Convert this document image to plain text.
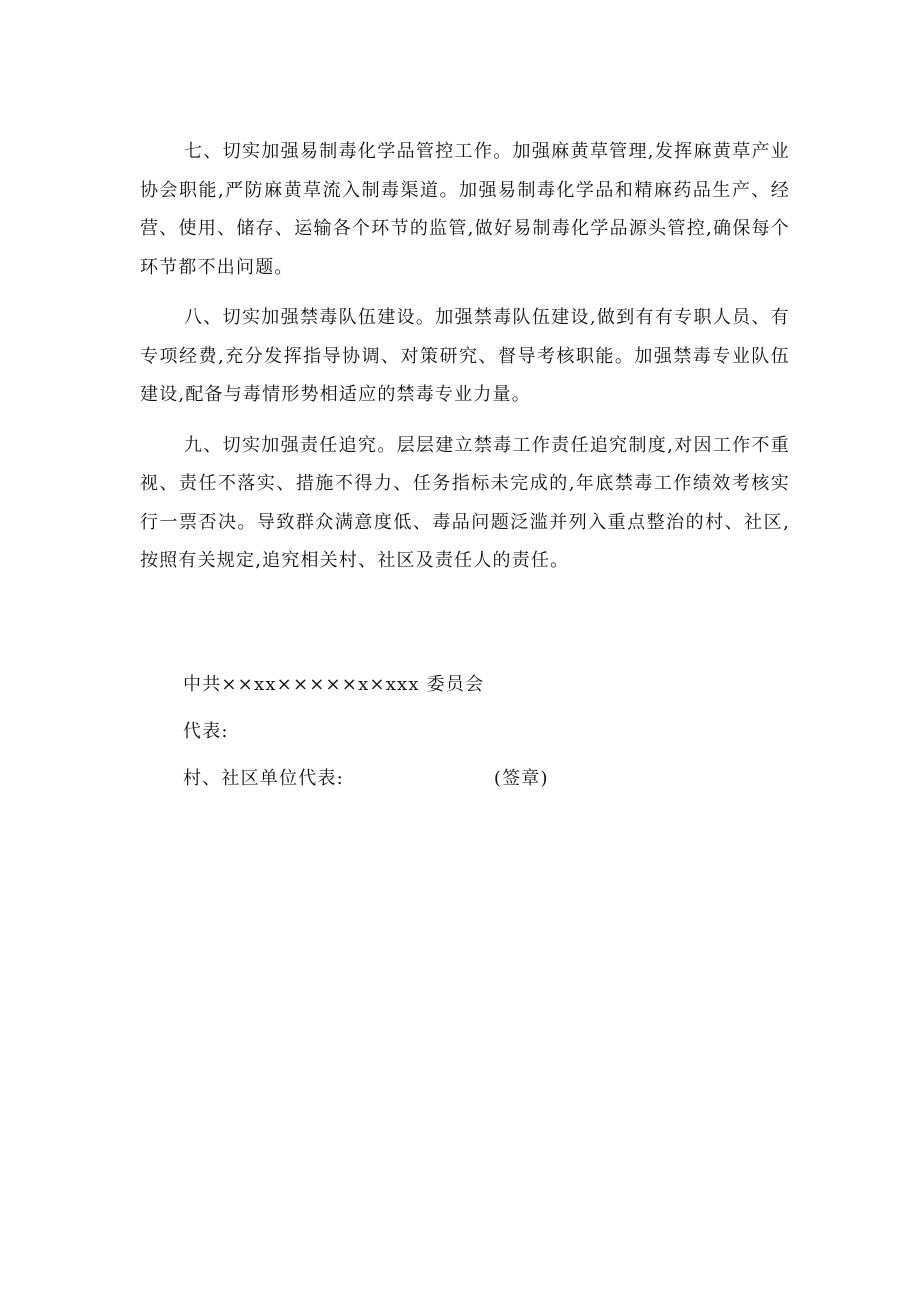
七、切实加强易制毒化学品管控工作。加强麻黄草管理,发挥麻黄草产业协会职能,严防麻黄草流入制毒渠道。加强易制毒化学品和精麻药品生产、经营、使用、储存、运输各个环节的监管,做好易制毒化学品源头管控,确保每个环节都不出问题。

八、切实加强禁毒队伍建设。加强禁毒队伍建设,做到有有专职人员、有专项经费,充分发挥指导协调、对策研究、督导考核职能。加强禁毒专业队伍建设,配备与毒情形势相适应的禁毒专业力量。

九、切实加强责任追究。层层建立禁毒工作责任追究制度,对因工作不重视、责任不落实、措施不得力、任务指标未完成的,年底禁毒工作绩效考核实行一票否决。导致群众满意度低、毒品问题泛滥并列入重点整治的村、社区,按照有关规定,追究相关村、社区及责任人的责任。

中共××xx×××××x×xxx 委员会
代表:
村、社区单位代表:	(签章)
